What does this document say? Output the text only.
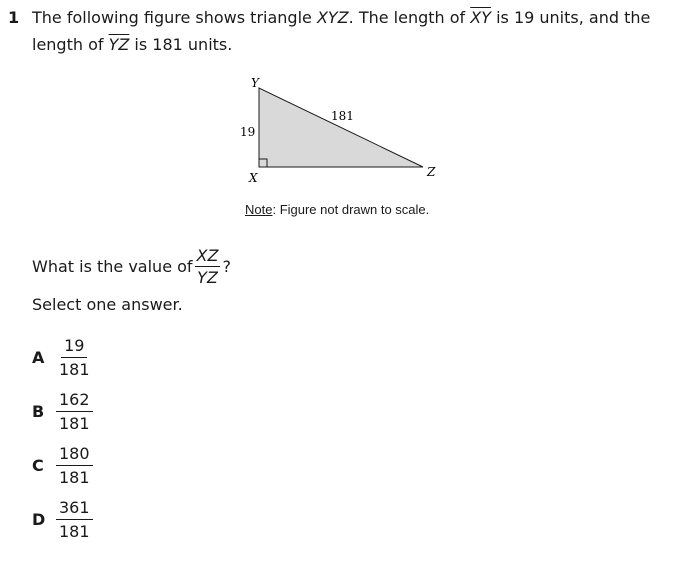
1 The following figure shows triangle XYZ. The length of $\overline{XY}$ is 19 units, and the
length of $\overline{YZ}$ is 181 units.
Y
X	Z
19
181
Note: Figure not drawn to scale.
What is the value of $\frac{XZ}{YZ}$ ?
Select one answer.
A $\frac{19}{181}$
B $\frac{162}{181}$
C $\frac{180}{181}$
D $\frac{361}{181}$
